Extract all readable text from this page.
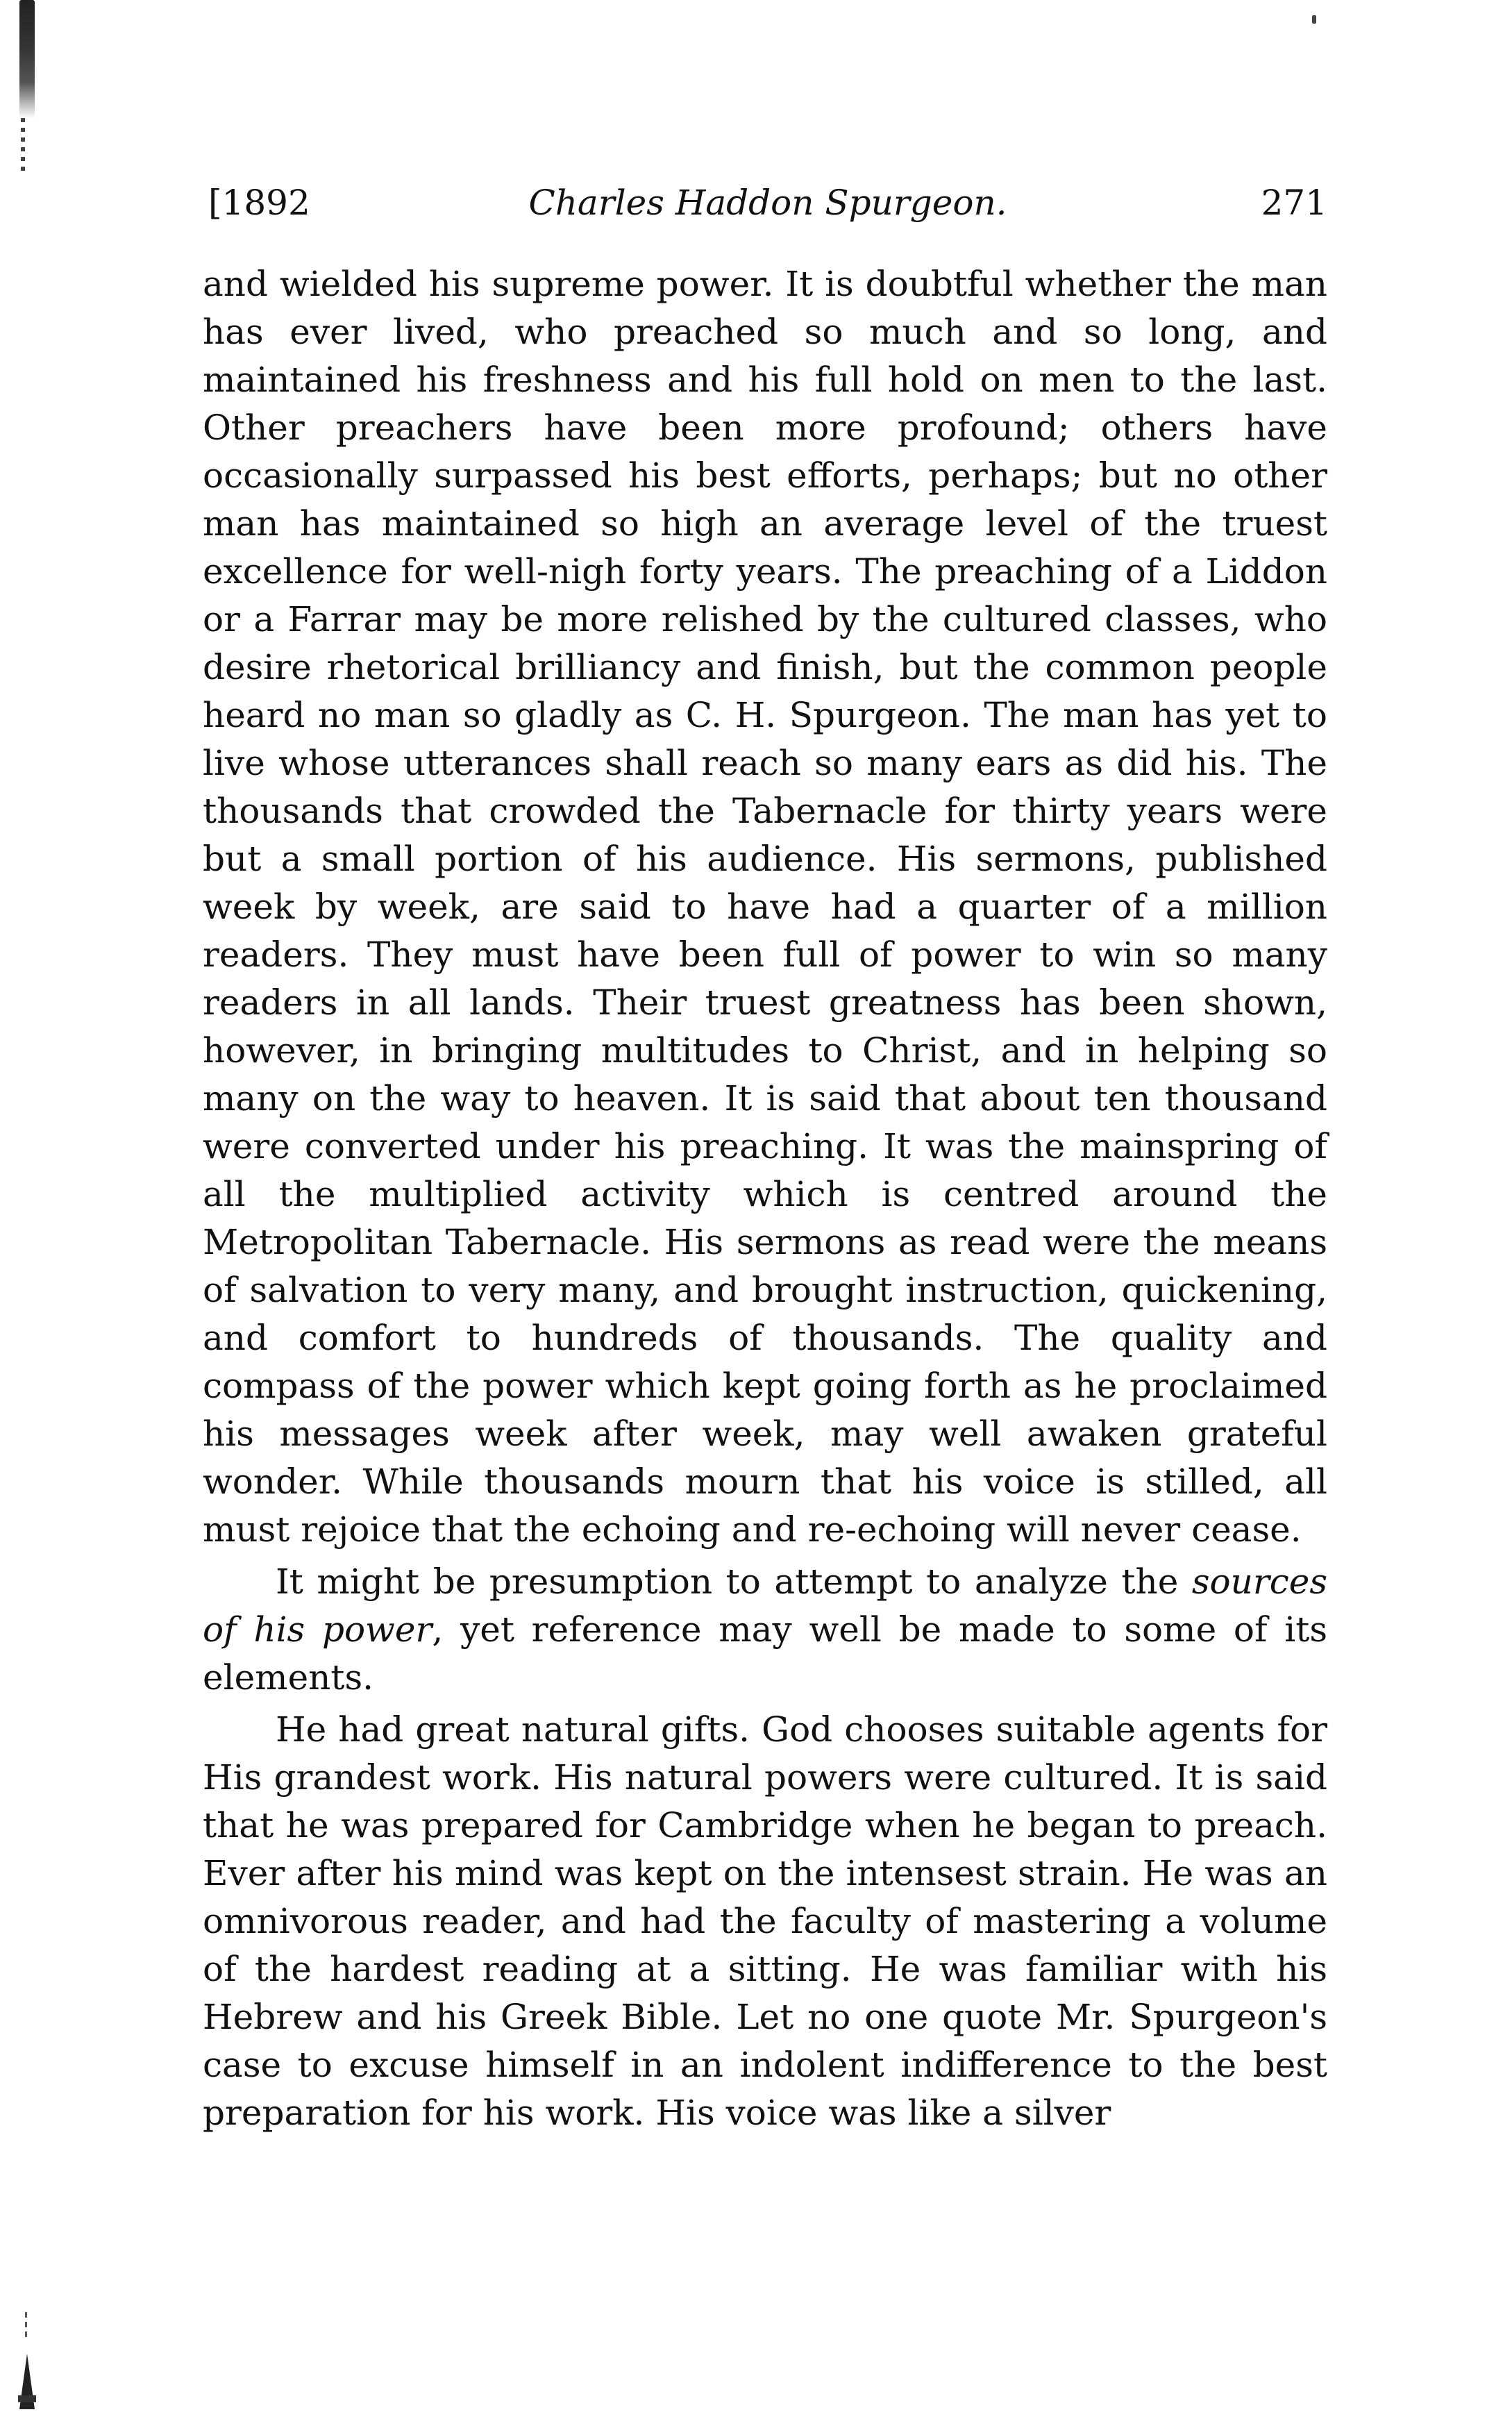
[1892	Charles Haddon Spurgeon.	271

and wielded his supreme power. It is doubtful whether the man has ever lived, who preached so much and so long, and maintained his freshness and his full hold on men to the last. Other preachers have been more profound; others have occasionally surpassed his best efforts, perhaps; but no other man has maintained so high an average level of the truest excellence for well-nigh forty years. The preaching of a Liddon or a Farrar may be more relished by the cultured classes, who desire rhetorical brilliancy and finish, but the common people heard no man so gladly as C. H. Spurgeon. The man has yet to live whose utterances shall reach so many ears as did his. The thousands that crowded the Tabernacle for thirty years were but a small portion of his audience. His sermons, published week by week, are said to have had a quarter of a million readers. They must have been full of power to win so many readers in all lands. Their truest greatness has been shown, however, in bringing multitudes to Christ, and in helping so many on the way to heaven. It is said that about ten thousand were converted under his preaching. It was the mainspring of all the multiplied activity which is centred around the Metropolitan Tabernacle. His sermons as read were the means of salvation to very many, and brought instruction, quickening, and comfort to hundreds of thousands. The quality and compass of the power which kept going forth as he proclaimed his messages week after week, may well awaken grateful wonder. While thousands mourn that his voice is stilled, all must rejoice that the echoing and re-echoing will never cease.

It might be presumption to attempt to analyze the sources of his power, yet reference may well be made to some of its elements.

He had great natural gifts. God chooses suitable agents for His grandest work. His natural powers were cultured. It is said that he was prepared for Cambridge when he began to preach. Ever after his mind was kept on the intensest strain. He was an omnivorous reader, and had the faculty of mastering a volume of the hardest reading at a sitting. He was familiar with his Hebrew and his Greek Bible. Let no one quote Mr. Spurgeon's case to excuse himself in an indolent indifference to the best preparation for his work. His voice was like a silver
